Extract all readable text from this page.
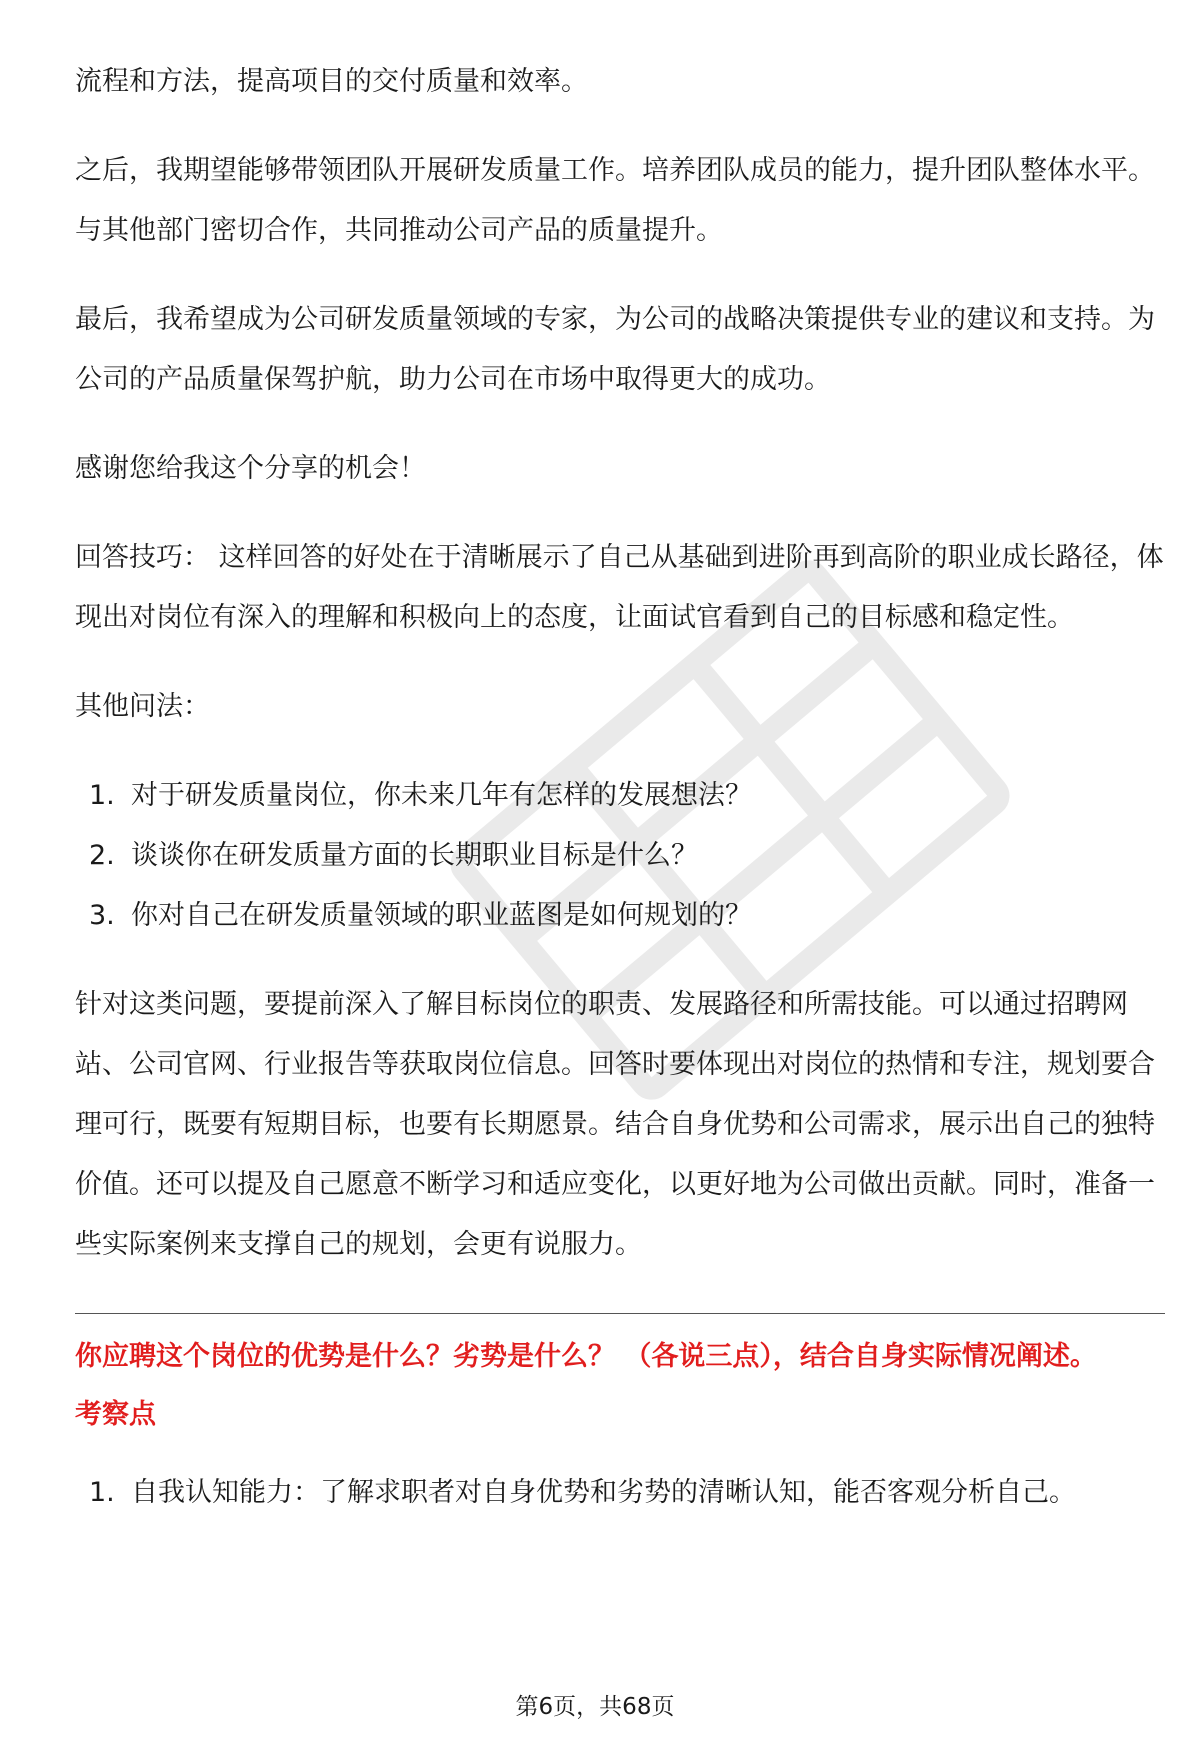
流程和方法，提高项目的交付质量和效率。

之后，我期望能够带领团队开展研发质量工作。培养团队成员的能力，提升团队整体水平。与其他部门密切合作，共同推动公司产品的质量提升。

最后，我希望成为公司研发质量领域的专家，为公司的战略决策提供专业的建议和支持。为公司的产品质量保驾护航，助力公司在市场中取得更大的成功。

感谢您给我这个分享的机会！

回答技巧： 这样回答的好处在于清晰展示了自己从基础到进阶再到高阶的职业成长路径，体现出对岗位有深入的理解和积极向上的态度，让面试官看到自己的目标感和稳定性。

其他问法：

1. 对于研发质量岗位，你未来几年有怎样的发展想法？
2. 谈谈你在研发质量方面的长期职业目标是什么？
3. 你对自己在研发质量领域的职业蓝图是如何规划的？

针对这类问题，要提前深入了解目标岗位的职责、发展路径和所需技能。可以通过招聘网站、公司官网、行业报告等获取岗位信息。回答时要体现出对岗位的热情和专注，规划要合理可行，既要有短期目标，也要有长期愿景。结合自身优势和公司需求，展示出自己的独特价值。还可以提及自己愿意不断学习和适应变化，以更好地为公司做出贡献。同时，准备一些实际案例来支撑自己的规划，会更有说服力。

你应聘这个岗位的优势是什么？劣势是什么？ （各说三点），结合自身实际情况阐述。
考察点
1. 自我认知能力：了解求职者对自身优势和劣势的清晰认知，能否客观分析自己。
第6页，共68页
